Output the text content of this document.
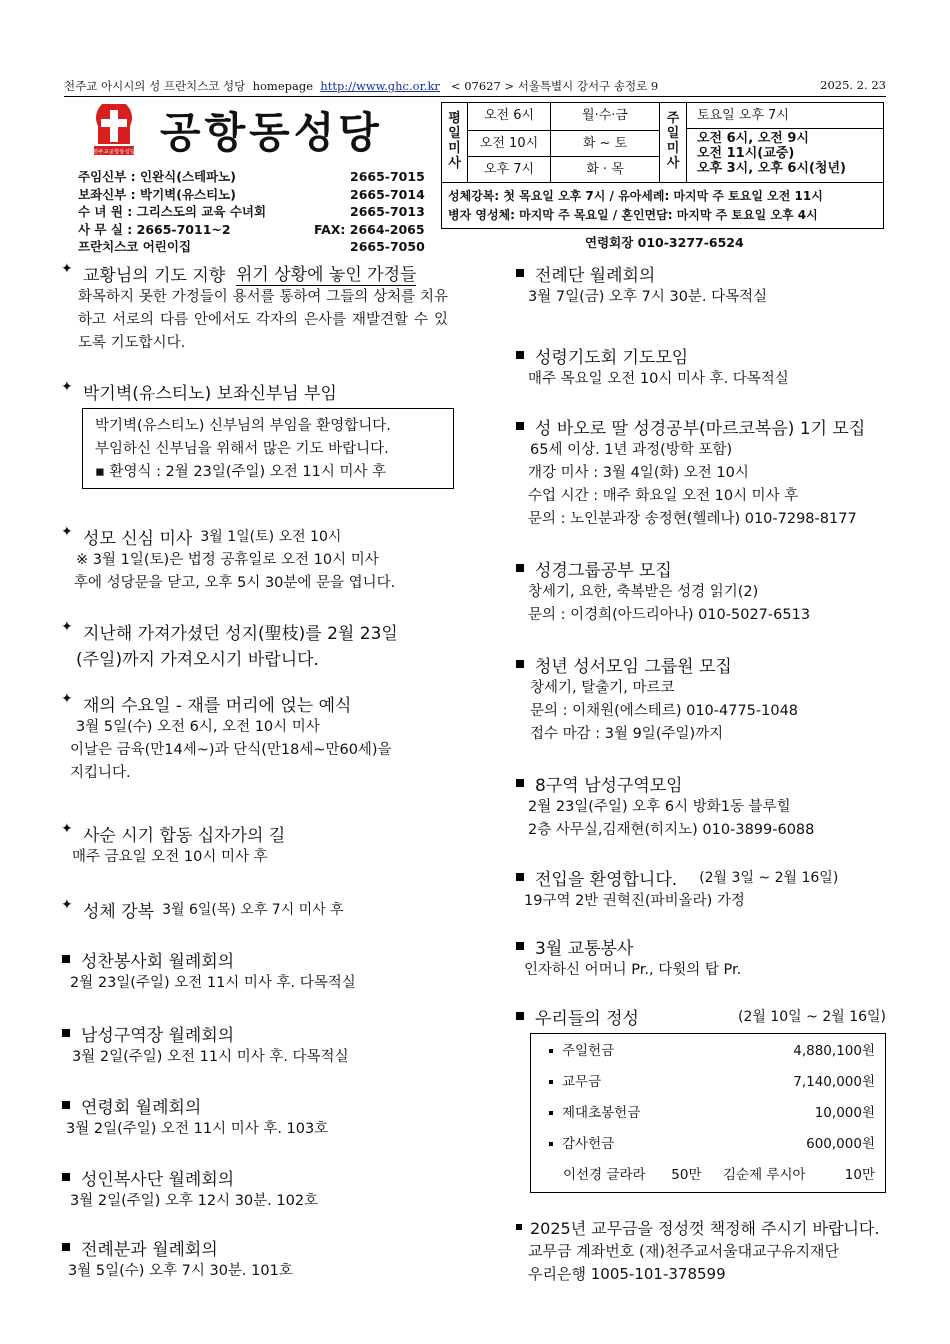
천주교 아시시의 성 프란치스코 성당 homepage http://www.ghc.or.kr < 07627 > 서울특별시 강서구 송정로 9	2025. 2. 23
천주교공항동성당 공항동성당
주임신부 : 인완식(스테파노)	2665-7015
보좌신부 : 박기벽(유스티노)	2665-7014
수 녀 원 : 그리스도의 교육 수녀회	2665-7013
사 무 실 : 2665-7011~2	FAX: 2664-2065
프란치스코 어린이집	2665-7050
평
일
미
사
오전 6시	월·수·금
오전 10시	화 ~ 토
오후 7시	화 · 목
주
일
미
사
토요일 오후 7시
오전 6시, 오전 9시
오전 11시(교중)
오후 3시, 오후 6시(청년)
성체강복: 첫 목요일 오후 7시 / 유아세례: 마지막 주 토요일 오전 11시
병자 영성체: 마지막 주 목요일 / 혼인면담: 마지막 주 토요일 오후 4시
연령회장 010-3277-6524
✦
교황님의 기도 지향
위기 상황에 놓인 가정들
화목하지 못한 가정들이 용서를 통하여 그들의 상처를 치유하고 서로의 다름 안에서도 각자의 은사를 재발견할 수 있도록 기도합시다.
✦
박기벽(유스티노) 보좌신부님 부임
박기벽(유스티노) 신부님의 부임을 환영합니다.
부임하신 신부님을 위해서 많은 기도 바랍니다.
▪ 환영식 : 2월 23일(주일) 오전 11시 미사 후
✦
성모 신심 미사 3월 1일(토) 오전 10시
※ 3월 1일(토)은 법정 공휴일로 오전 10시 미사
후에 성당문을 닫고, 오후 5시 30분에 문을 엽니다.
✦
지난해 가져가셨던 성지(聖枝)를 2월 23일
(주일)까지 가져오시기 바랍니다.
✦
재의 수요일 - 재를 머리에 얹는 예식
3월 5일(수) 오전 6시, 오전 10시 미사
이날은 금육(만14세~)과 단식(만18세~만60세)을
지킵니다.
✦
사순 시기 합동 십자가의 길
매주 금요일 오전 10시 미사 후
✦
성체 강복 3월 6일(목) 오후 7시 미사 후
성찬봉사회 월례회의
2월 23일(주일) 오전 11시 미사 후. 다목적실
남성구역장 월례회의
3월 2일(주일) 오전 11시 미사 후. 다목적실
연령회 월례회의
3월 2일(주일) 오전 11시 미사 후. 103호
성인복사단 월례회의
3월 2일(주일) 오후 12시 30분. 102호
전례분과 월례회의
3월 5일(수) 오후 7시 30분. 101호
전례단 월례회의
3월 7일(금) 오후 7시 30분. 다목적실
성령기도회 기도모임
매주 목요일 오전 10시 미사 후. 다목적실
성 바오로 딸 성경공부(마르코복음) 1기 모집
65세 이상. 1년 과정(방학 포함)
개강 미사 : 3월 4일(화) 오전 10시
수업 시간 : 매주 화요일 오전 10시 미사 후
문의 : 노인분과장 송정현(헬레나) 010-7298-8177
성경그룹공부 모집
창세기, 요한, 축복받은 성경 읽기(2)
문의 : 이경희(아드리아나) 010-5027-6513
청년 성서모임 그룹원 모집
창세기, 탈출기, 마르코
문의 : 이채원(에스테르) 010-4775-1048
접수 마감 : 3월 9일(주일)까지
8구역 남성구역모임
2월 23일(주일) 오후 6시 방화1동 블루힐
2층 사무실,김재현(히지노) 010-3899-6088
전입을 환영합니다. (2월 3일 ~ 2월 16일)
19구역 2반 권혁진(파비올라) 가정
3월 교통봉사
인자하신 어머니 Pr., 다윗의 탑 Pr.
우리들의 정성	(2월 10일 ~ 2월 16일)
주일헌금	4,880,100원
교무금	7,140,000원
제대초봉헌금	10,000원
감사헌금	600,000원
이선경 글라라 50만 김순제 루시아	10만
2025년 교무금을 정성껏 책정해 주시기 바랍니다.
교무금 계좌번호 (재)천주교서울대교구유지재단
우리은행 1005-101-378599
